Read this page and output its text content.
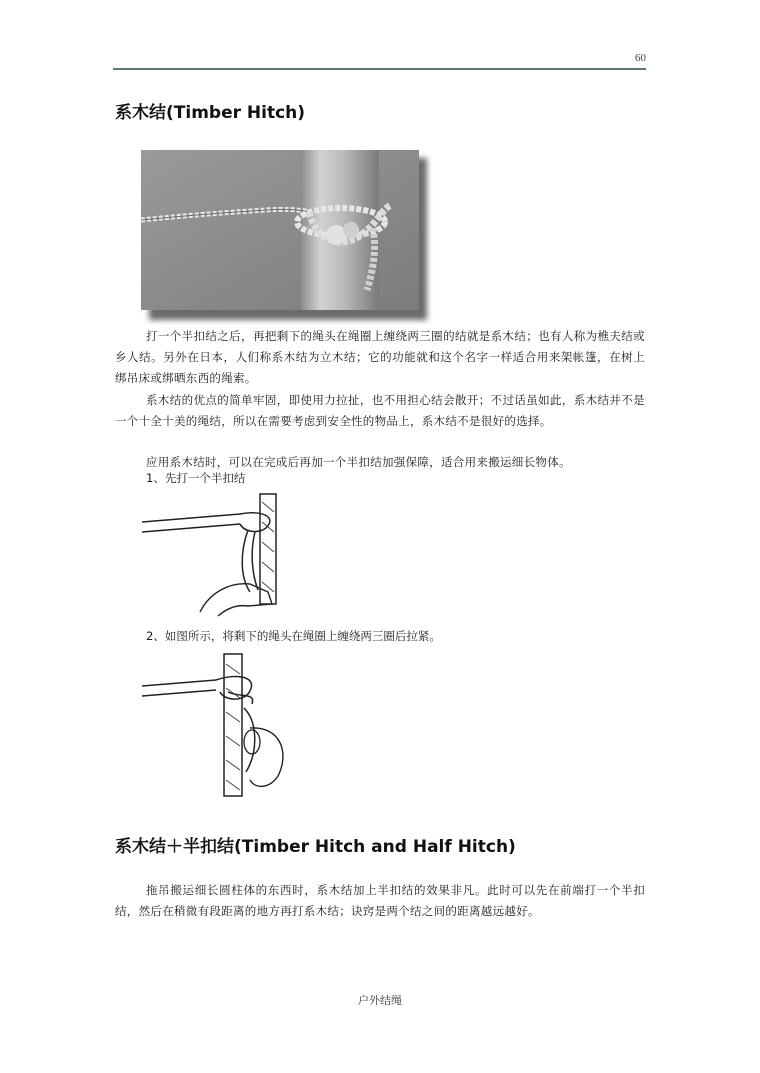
60
系木结(Timber Hitch)
打一个半扣结之后，再把剩下的绳头在绳圈上缠绕两三圈的结就是系木结；也有人称为樵夫结或乡人结。另外在日本，人们称系木结为立木结；它的功能就和这个名字一样适合用来架帐篷，在树上绑吊床或绑晒东西的绳索。
系木结的优点的简单牢固，即使用力拉扯，也不用担心结会散开；不过话虽如此，系木结并不是一个十全十美的绳结，所以在需要考虑到安全性的物品上，系木结不是很好的选择。
应用系木结时，可以在完成后再加一个半扣结加强保障，适合用来搬运细长物体。
1、先打一个半扣结
2、如图所示，将剩下的绳头在绳圈上缠绕两三圈后拉紧。
系木结＋半扣结(Timber Hitch and Half Hitch)
拖吊搬运细长圆柱体的东西时，系木结加上半扣结的效果非凡。此时可以先在前端打一个半扣结，然后在稍微有段距离的地方再打系木结；诀窍是两个结之间的距离越远越好。
户外结绳
